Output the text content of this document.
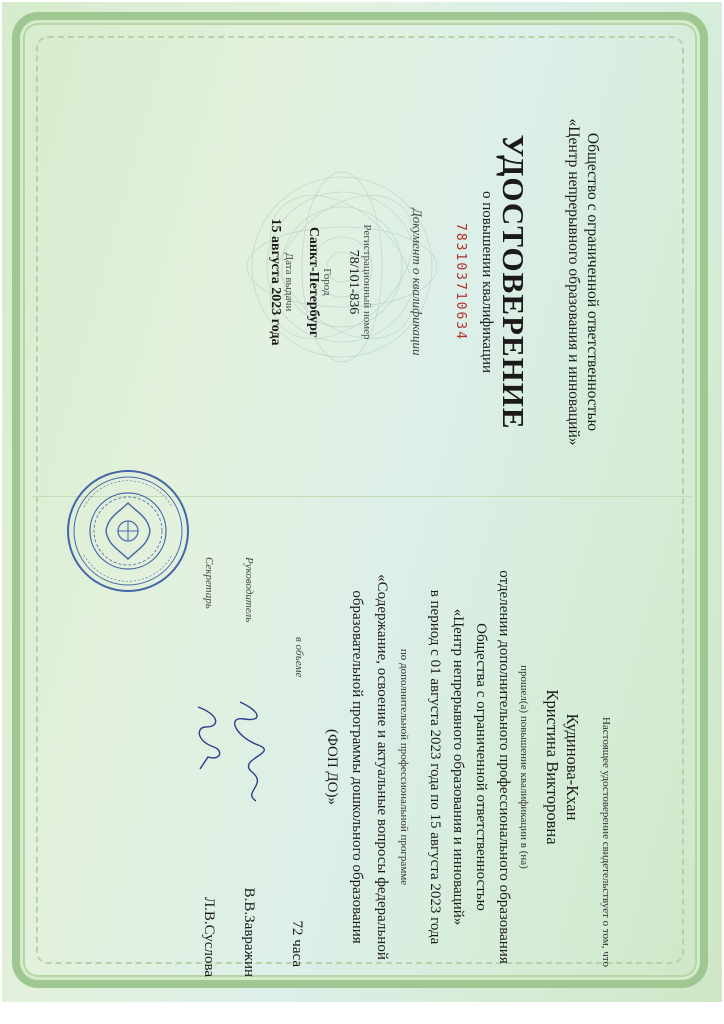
Общество с ограниченной ответственностью
«Центр непрерывного образования и инноваций»
УДОСТОВЕРЕНИЕ
о повышении квалификации
783103710634
Документ о квалификации
Регистрационный номер
78/101-836
Город
Санкт-Петербург
Дата выдачи
15 августа 2023 года
Настоящее удостоверение свидетельствует о том, что
Кудинова-Кхан
Кристина Викторовна
прошел(а) повышение квалификации в (на)
отделении дополнительного профессионального образования
Общества с ограниченной ответственностью
«Центр непрерывного образования и инноваций»
в период с 01 августа 2023 года по 15 августа 2023 года
по дополнительной профессиональной программе
«Содержание, освоение и актуальные вопросы федеральной
образовательной программы дошкольного образования
(ФОП ДО)»
в объеме
72 часа
Руководитель
В.В.Завражин
Секретарь
Л.В.Суслова
